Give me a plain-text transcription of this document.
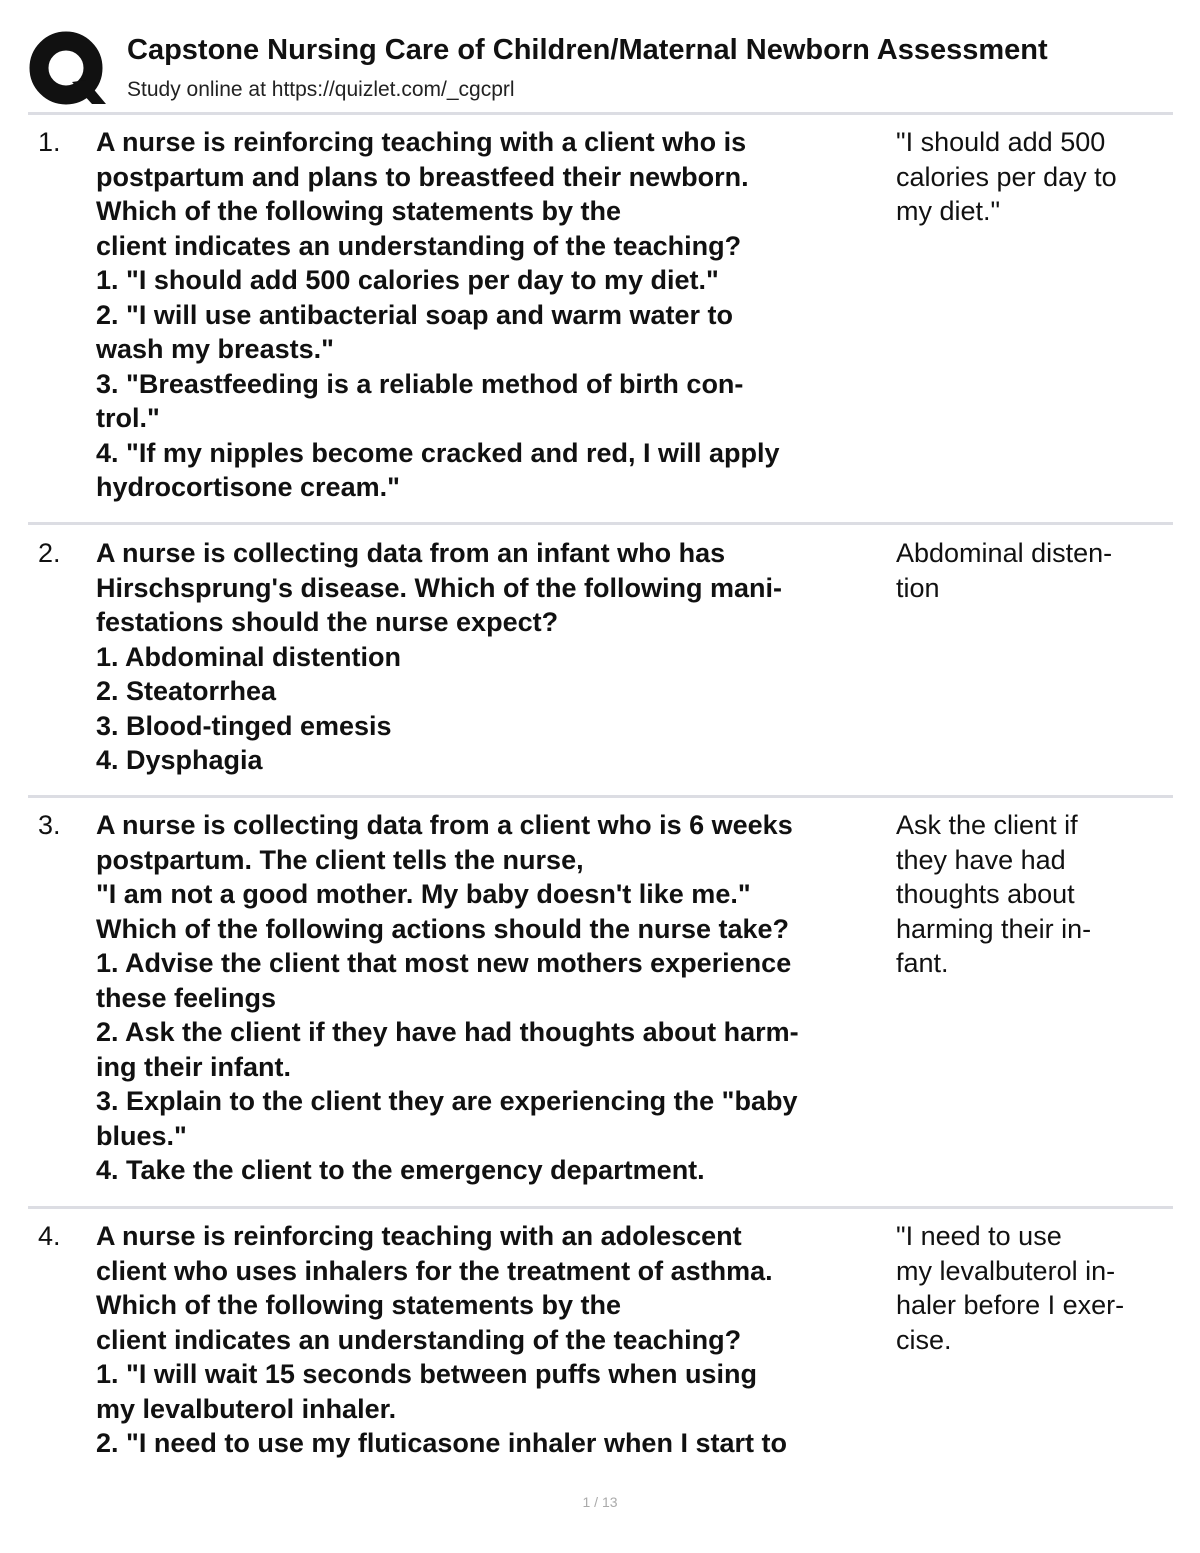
Capstone Nursing Care of Children/Maternal Newborn Assessment
Study online at https://quizlet.com/_cgcprl
1. A nurse is reinforcing teaching with a client who is
postpartum and plans to breastfeed their newborn.
Which of the following statements by the
client indicates an understanding of the teaching?
1. "I should add 500 calories per day to my diet."
2. "I will use antibacterial soap and warm water to
wash my breasts."
3. "Breastfeeding is a reliable method of birth con-
trol."
4. "If my nipples become cracked and red, I will apply
hydrocortisone cream."
"I should add 500
calories per day to
my diet."
2. A nurse is collecting data from an infant who has
Hirschsprung's disease. Which of the following mani-
festations should the nurse expect?
1. Abdominal distention
2. Steatorrhea
3. Blood-tinged emesis
4. Dysphagia
Abdominal disten-
tion
3. A nurse is collecting data from a client who is 6 weeks
postpartum. The client tells the nurse,
"I am not a good mother. My baby doesn't like me."
Which of the following actions should the nurse take?
1. Advise the client that most new mothers experience
these feelings
2. Ask the client if they have had thoughts about harm-
ing their infant.
3. Explain to the client they are experiencing the "baby
blues."
4. Take the client to the emergency department.
Ask the client if
they have had
thoughts about
harming their in-
fant.
4. A nurse is reinforcing teaching with an adolescent
client who uses inhalers for the treatment of asthma.
Which of the following statements by the
client indicates an understanding of the teaching?
1. "I will wait 15 seconds between puffs when using
my levalbuterol inhaler.
2. "I need to use my fluticasone inhaler when I start to
"I need to use
my levalbuterol in-
haler before I exer-
cise.
1 / 13
